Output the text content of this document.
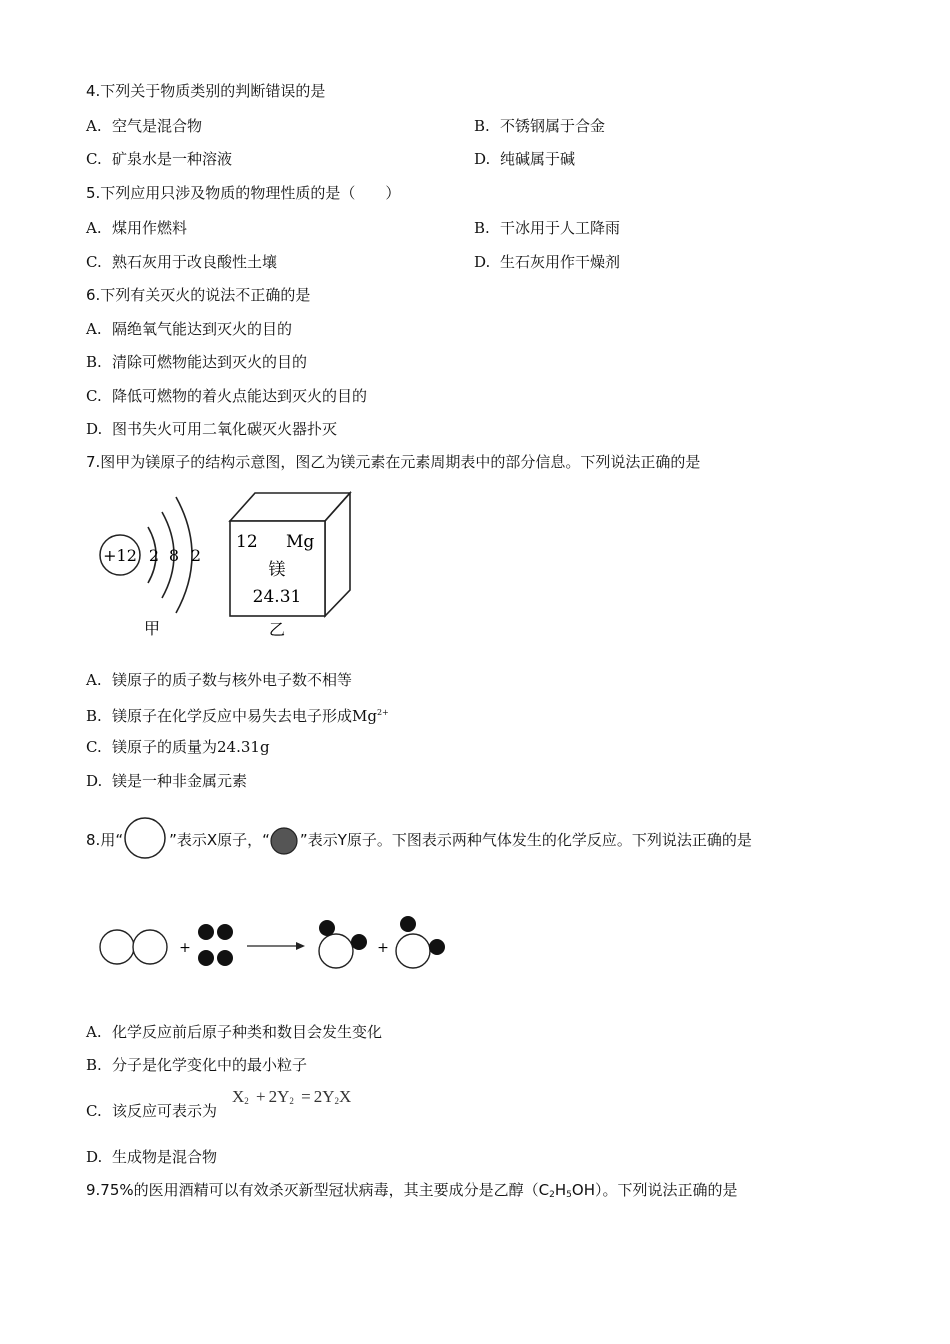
4.下列关于物质类别的判断错误的是
A. 空气是混合物	B. 不锈钢属于合金
C. 矿泉水是一种溶液	D. 纯碱属于碱
5.下列应用只涉及物质的物理性质的是（　　）
A. 煤用作燃料	B. 干冰用于人工降雨
C. 熟石灰用于改良酸性土壤	D. 生石灰用作干燥剂
6.下列有关灭火的说法不正确的是
A. 隔绝氧气能达到灭火的目的
B. 清除可燃物能达到灭火的目的
C. 降低可燃物的着火点能达到灭火的目的
D. 图书失火可用二氧化碳灭火器扑灭
7.图甲为镁原子的结构示意图，图乙为镁元素在元素周期表中的部分信息。下列说法正确的是
+12 2 8 2
甲
12 Mg
镁
24.31
乙
A. 镁原子的质子数与核外电子数不相等
B. 镁原子在化学反应中易失去电子形成$Mg^{2+}$
C. 镁原子的质量为24.31g
D. 镁是一种非金属元素
8.用“	”表示X原子，“ ”表示Y原子。下图表示两种气体发生的化学反应。下列说法正确的是
+	+
A. 化学反应前后原子种类和数目会发生变化
B. 分子是化学变化中的最小粒子
C. 该反应可表示为
$X_2 + 2Y_2 = 2Y_2X$
D. 生成物是混合物
9.75%的医用酒精可以有效杀灭新型冠状病毒，其主要成分是乙醇$(C_2H_5OH)$。下列说法正确的是
